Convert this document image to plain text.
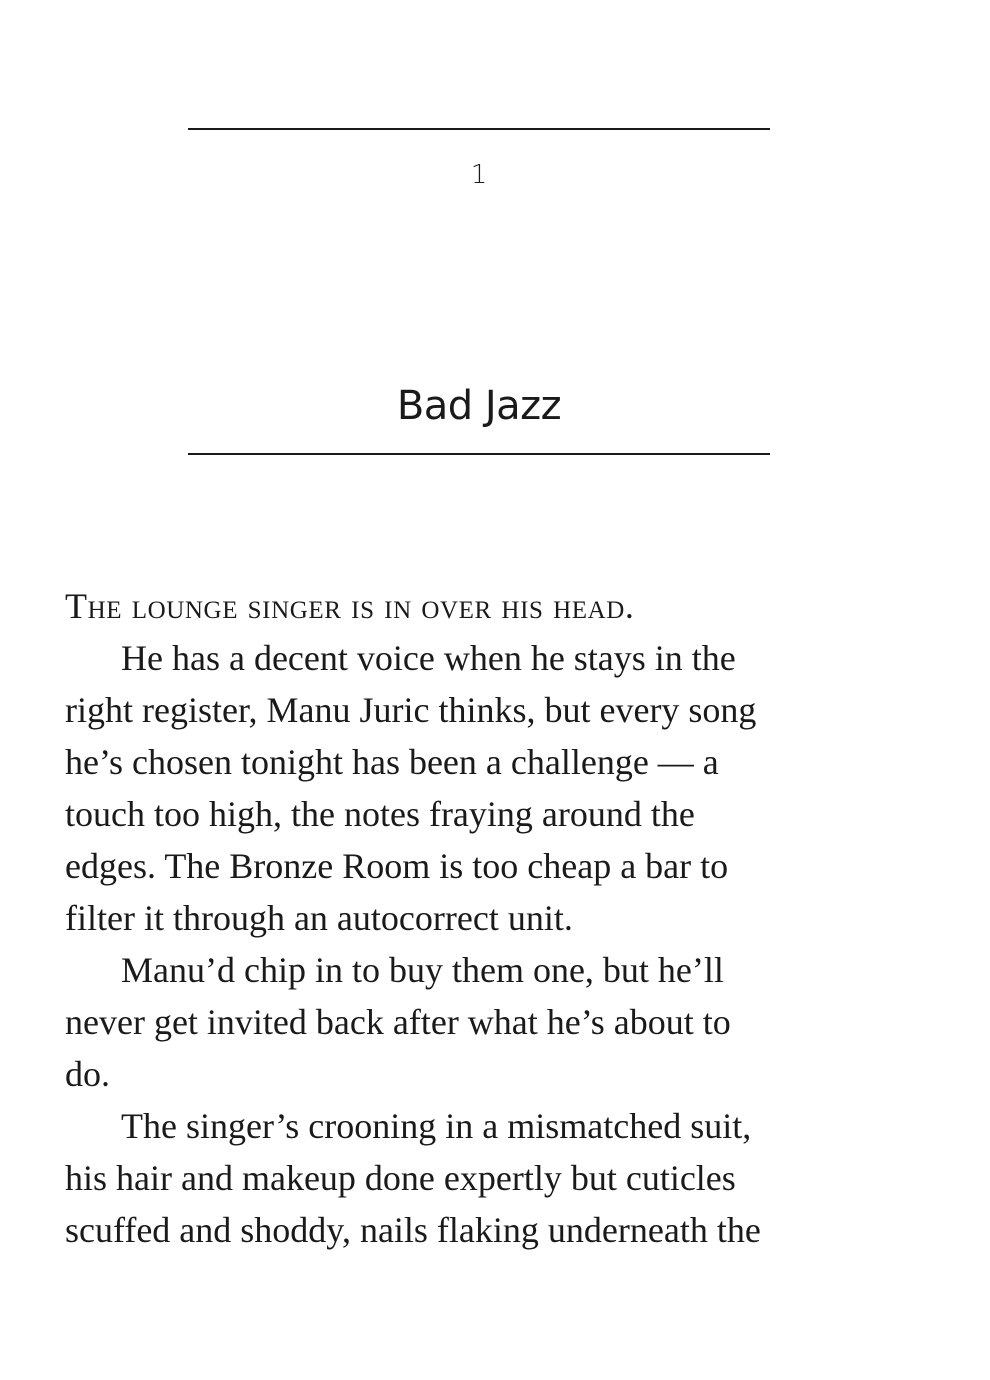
1
Bad Jazz
The lounge singer is in over his head.
He has a decent voice when he stays in the
right register, Manu Juric thinks, but every song
he’s chosen tonight has been a challenge — a
touch too high, the notes fraying around the
edges. The Bronze Room is too cheap a bar to
filter it through an autocorrect unit.
Manu’d chip in to buy them one, but he’ll
never get invited back after what he’s about to
do.
The singer’s crooning in a mismatched suit,
his hair and makeup done expertly but cuticles
scuffed and shoddy, nails flaking underneath the
